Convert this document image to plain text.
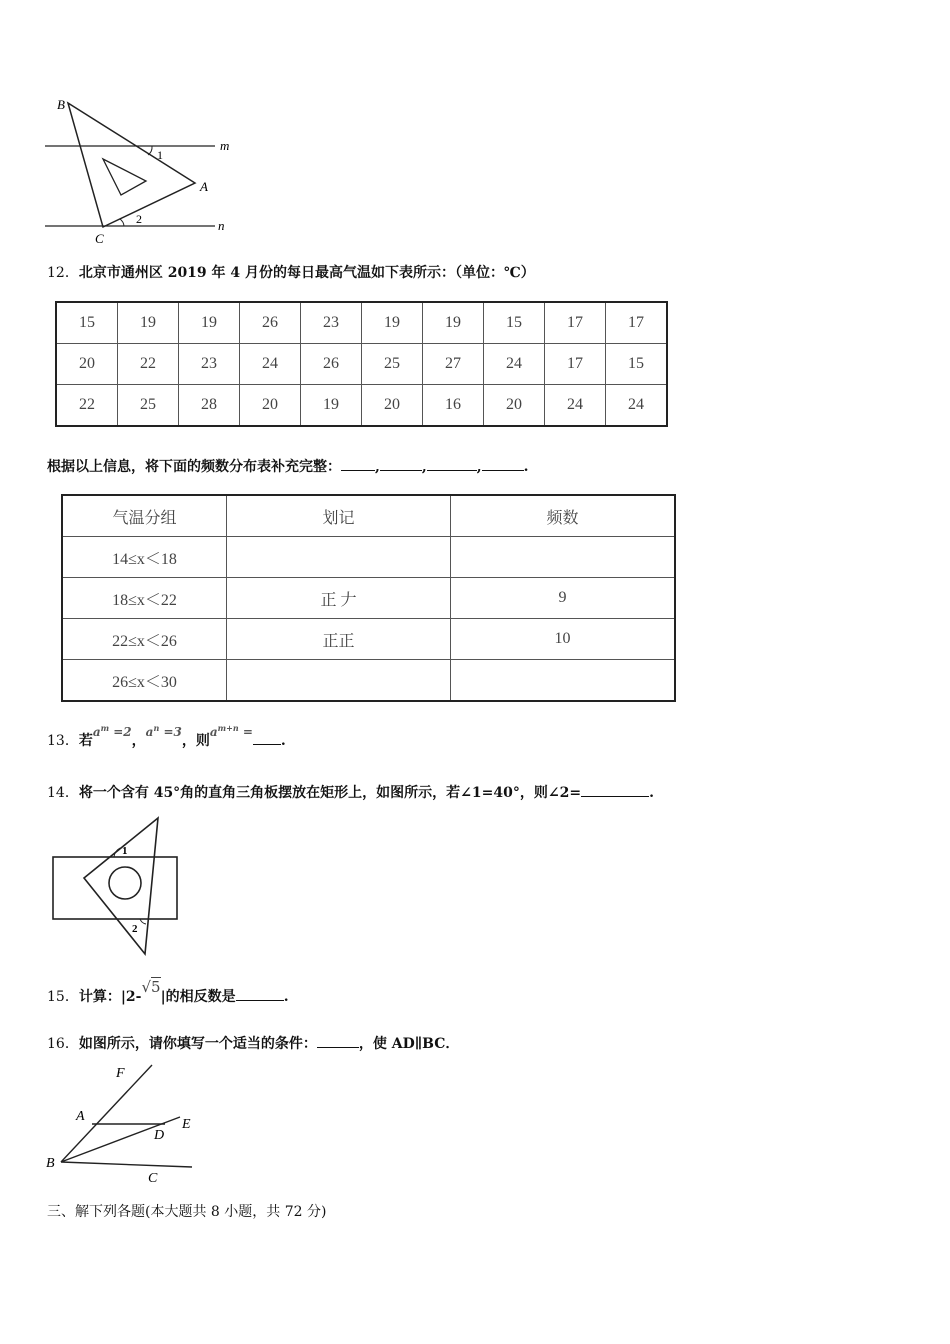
B
A
C
m
n
1
2
12．北京市通州区 2019 年 4 月份的每日最高气温如下表所示：（单位：℃）
15	19	19	26	23	19	19	15	17	17
20	22	23	24	26	25	27	24	17	15
22	25	28	20	19	20	16	20	24	24
根据以上信息，将下面的频数分布表补充完整： ,	,	,	.
气温分组	划记	频数
14≤x＜18		
18≤x＜22	正 𠂇	9
22≤x＜26	正正	10
26≤x＜30		
13．若$a^m =2$，$a^n =3$，则$a^{m+n}$ =.
14．将一个含有 45°角的直角三角板摆放在矩形上，如图所示，若∠1=40°，则∠2=	.
1
2
15．计算：|2-√5|的相反数是	.
16．如图所示，请你填写一个适当的条件：	，使 AD∥BC．
F
A
D
E
B
C
三、解下列各题(本大题共 8 小题，共 72 分)
